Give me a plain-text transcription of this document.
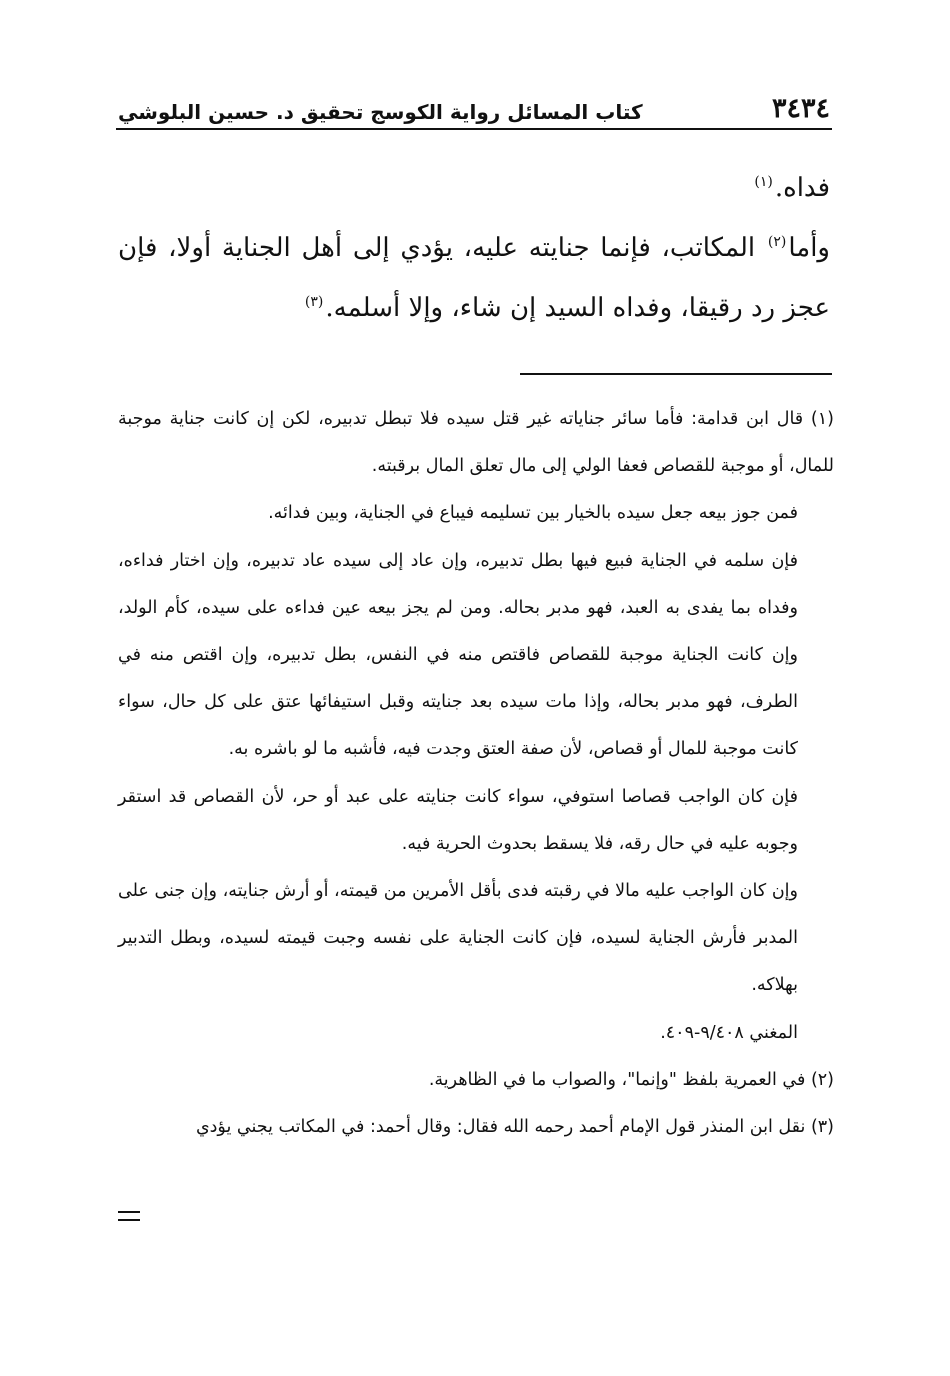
٣٤٣٤
كتاب المسائل رواية الكوسج تحقيق د. حسين البلوشي

فداه.$^{(١)}$

وأما$^{(٢)}$ المكاتب، فإنما جنايته عليه، يؤدي إلى أهل الجناية أولا، فإن عجز رد رقيقا، وفداه السيد إن شاء، وإلا أسلمه.$^{(٣)}$

(١) قال ابن قدامة: فأما سائر جناياته غير قتل سيده فلا تبطل تدبيره، لكن إن كانت جناية موجبة للمال، أو موجبة للقصاص فعفا الولي إلى مال تعلق المال برقبته.

فمن جوز بيعه جعل سيده بالخيار بين تسليمه فيباع في الجناية، وبين فدائه.

فإن سلمه في الجناية فبيع فيها بطل تدبيره، وإن عاد إلى سيده عاد تدبيره، وإن اختار فداءه، وفداه بما يفدى به العبد، فهو مدبر بحاله. ومن لم يجز بيعه عين فداءه على سيده، كأم الولد، وإن كانت الجناية موجبة للقصاص فاقتص منه في النفس، بطل تدبيره، وإن اقتص منه في الطرف، فهو مدبر بحاله، وإذا مات سيده بعد جنايته وقبل استيفائها عتق على كل حال، سواء كانت موجبة للمال أو قصاص، لأن صفة العتق وجدت فيه، فأشبه ما لو باشره به.

فإن كان الواجب قصاصا استوفي، سواء كانت جنايته على عبد أو حر، لأن القصاص قد استقر وجوبه عليه في حال رقه، فلا يسقط بحدوث الحرية فيه.

وإن كان الواجب عليه مالا في رقبته فدى بأقل الأمرين من قيمته، أو أرش جنايته، وإن جنى على المدبر فأرش الجناية لسيده، فإن كانت الجناية على نفسه وجبت قيمته لسيده، وبطل التدبير بهلاكه.

المغني ٩/٤٠٨-٤٠٩.

(٢) في العمرية بلفظ "وإنما"، والصواب ما في الظاهرية.

(٣) نقل ابن المنذر قول الإمام أحمد رحمه الله فقال: وقال أحمد: في المكاتب يجني يؤدي
